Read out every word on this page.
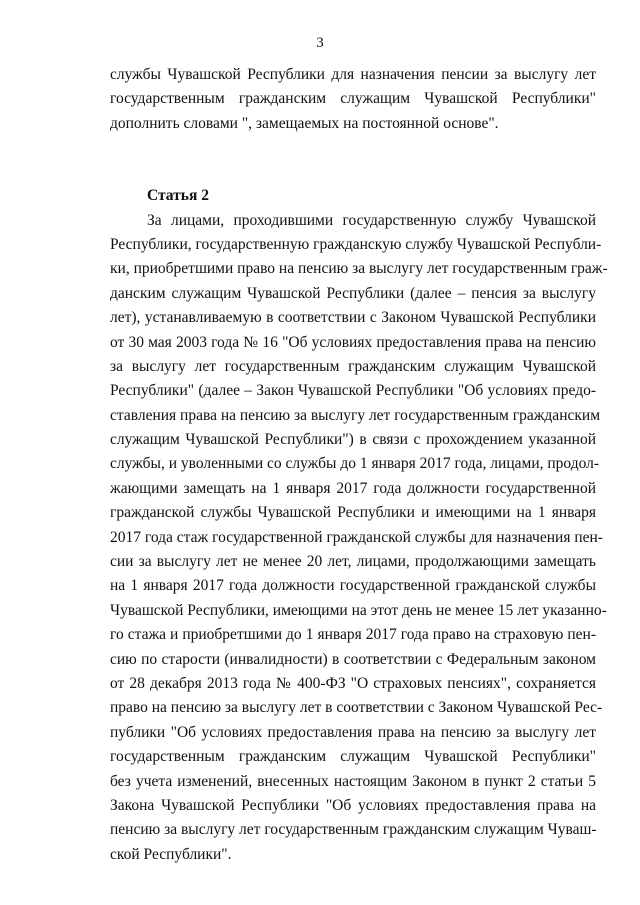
3
службы Чувашской Республики для назначения пенсии за выслугу лет
государственным гражданским служащим Чувашской Республики"
дополнить словами ", замещаемых на постоянной основе".
Статья 2
За лицами, проходившими государственную службу Чувашской
Республики, государственную гражданскую службу Чувашской Республи-
ки, приобретшими право на пенсию за выслугу лет государственным граж-
данским служащим Чувашской Республики (далее – пенсия за выслугу
лет), устанавливаемую в соответствии с Законом Чувашской Республики
от 30 мая 2003 года № 16 "Об условиях предоставления права на пенсию
за выслугу лет государственным гражданским служащим Чувашской
Республики" (далее – Закон Чувашской Республики "Об условиях предо-
ставления права на пенсию за выслугу лет государственным гражданским
служащим Чувашской Республики") в связи с прохождением указанной
службы, и уволенными со службы до 1 января 2017 года, лицами, продол-
жающими замещать на 1 января 2017 года должности государственной
гражданской службы Чувашской Республики и имеющими на 1 января
2017 года стаж государственной гражданской службы для назначения пен-
сии за выслугу лет не менее 20 лет, лицами, продолжающими замещать
на 1 января 2017 года должности государственной гражданской службы
Чувашской Республики, имеющими на этот день не менее 15 лет указанно-
го стажа и приобретшими до 1 января 2017 года право на страховую пен-
сию по старости (инвалидности) в соответствии с Федеральным законом
от 28 декабря 2013 года № 400-ФЗ "О страховых пенсиях", сохраняется
право на пенсию за выслугу лет в соответствии с Законом Чувашской Рес-
публики "Об условиях предоставления права на пенсию за выслугу лет
государственным гражданским служащим Чувашской Республики"
без учета изменений, внесенных настоящим Законом в пункт 2 статьи 5
Закона Чувашской Республики "Об условиях предоставления права на
пенсию за выслугу лет государственным гражданским служащим Чуваш-
ской Республики".
